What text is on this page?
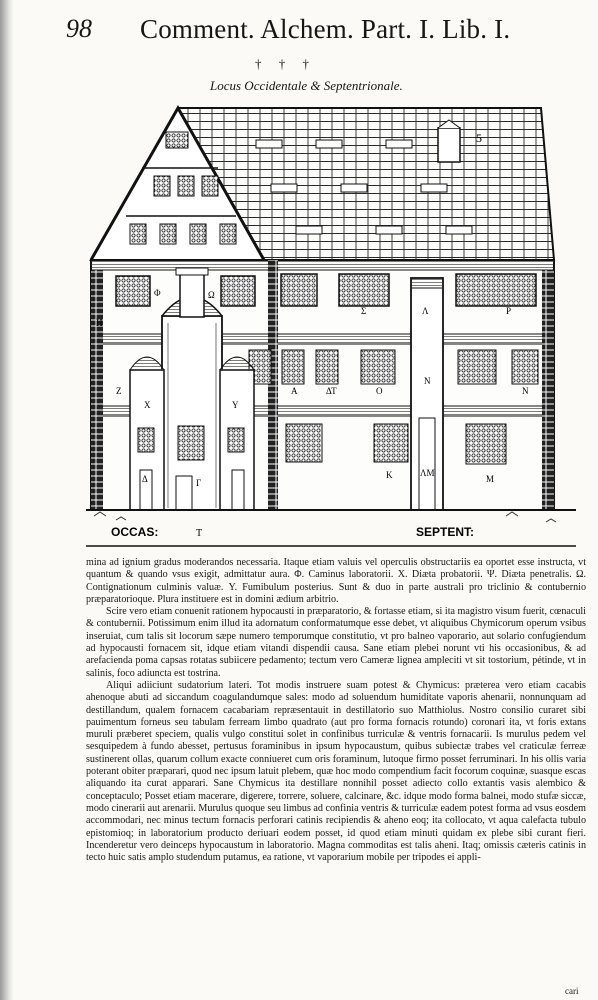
98 Comment. Alchem. Part. I. Lib. I.
† † †
Locus Occidentale & Septentrionale.
5
Φ	Ω
Σ	Λ	P
H
Z
X	Y
A	ΔΤ	Ο
N
Ν
Δ	Γ
Κ	ΛΜ
M
OCCAS:	T	SEPTENT:

mina ad ignium gradus moderandos necessaria. Itaque etiam valuis vel operculis obstructariis ea oportet esse instructa, vt quantum & quando vsus exigit, admittatur aura. Φ. Caminus laboratorii. X. Diæta probatorii. Ψ. Diæta penetralis. Ω. Contignationum culminis valuæ. Υ. Fumibulum posterius. Sunt & duo in parte australi pro triclinio & contubernio præparatorioque. Plura instituere est in domini ædium arbitrio.

Scire vero etiam conuenit rationem hypocausti in præparatorio, & fortasse etiam, si ita magistro visum fuerit, cœnaculi & contubernii. Potissimum enim illud ita adornatum conformatumque esse debet, vt aliquibus Chymicorum operum vsibus inseruiat, cum talis sit locorum sæpe numero temporumque constitutio, vt pro balneo vaporario, aut solario confugiendum ad hypocausti fornacem sit, idque etiam vitandi dispendii causa. Sane etiam plebei norunt vti his occasionibus, & ad arefacienda poma capsas rotatas subiicere pedamento; tectum vero Cameræ lignea ampleciti vt sit tostorium, pétinde, vt in salinis, foco adiuncta est tostrina.

Aliqui adiiciunt sudatorium lateri. Tot modis instruere suam potest & Chymicus: præterea vero etiam cacabis ahenoque abuti ad siccandum coagulandumque sales: modo ad soluendum humiditate vaporis ahenarii, nonnunquam ad destillandum, qualem fornacem cacabariam repræsentauit in destillatorio suo Matthiolus. Nostro consilio curaret sibi pauimentum forneus seu tabulam ferream limbo quadrato (aut pro forma fornacis rotundo) coronari ita, vt foris extans muruli præberet speciem, qualis vulgo constitui solet in confinibus turriculæ & ventris fornacarii. Is murulus pedem vel sesquipedem à fundo abesset, pertusus foraminibus in ipsum hypocaustum, quibus subiectæ trabes vel craticulæ ferreæ sustinerent ollas, quarum collum exacte conniueret cum oris foraminum, lutoque firmo posset ferruminari. In his ollis varia poterant obiter præparari, quod nec ipsum latuit plebem, quæ hoc modo compendium facit focorum coquinæ, suasque escas aliquando ita curat apparari. Sane Chymicus ita destillare nonnihil posset adiecto collo extantis vasis alembico & conceptaculo; Posset etiam macerare, digerere, torrere, soluere, calcinare, &c. idque modo forma balnei, modo stufæ siccæ, modo cinerarii aut arenarii. Murulus quoque seu limbus ad confinia ventris & turriculæ eadem potest forma ad vsus eosdem accommodari, nec minus tectum fornacis perforari catinis recipiendis & aheno eoq; ita collocato, vt aqua calefacta tubulo epistomioq; in laboratorium producto deriuari eodem posset, id quod etiam minuti quidam ex plebe sibi curant fieri. Incenderetur vero deinceps hypocaustum in laboratorio. Magna commoditas est talis aheni. Itaq; omissis cæteris catinis in tecto huic satis amplo studendum putamus, ea ratione, vt vaporarium mobile per tripodes ei appli-

cari
